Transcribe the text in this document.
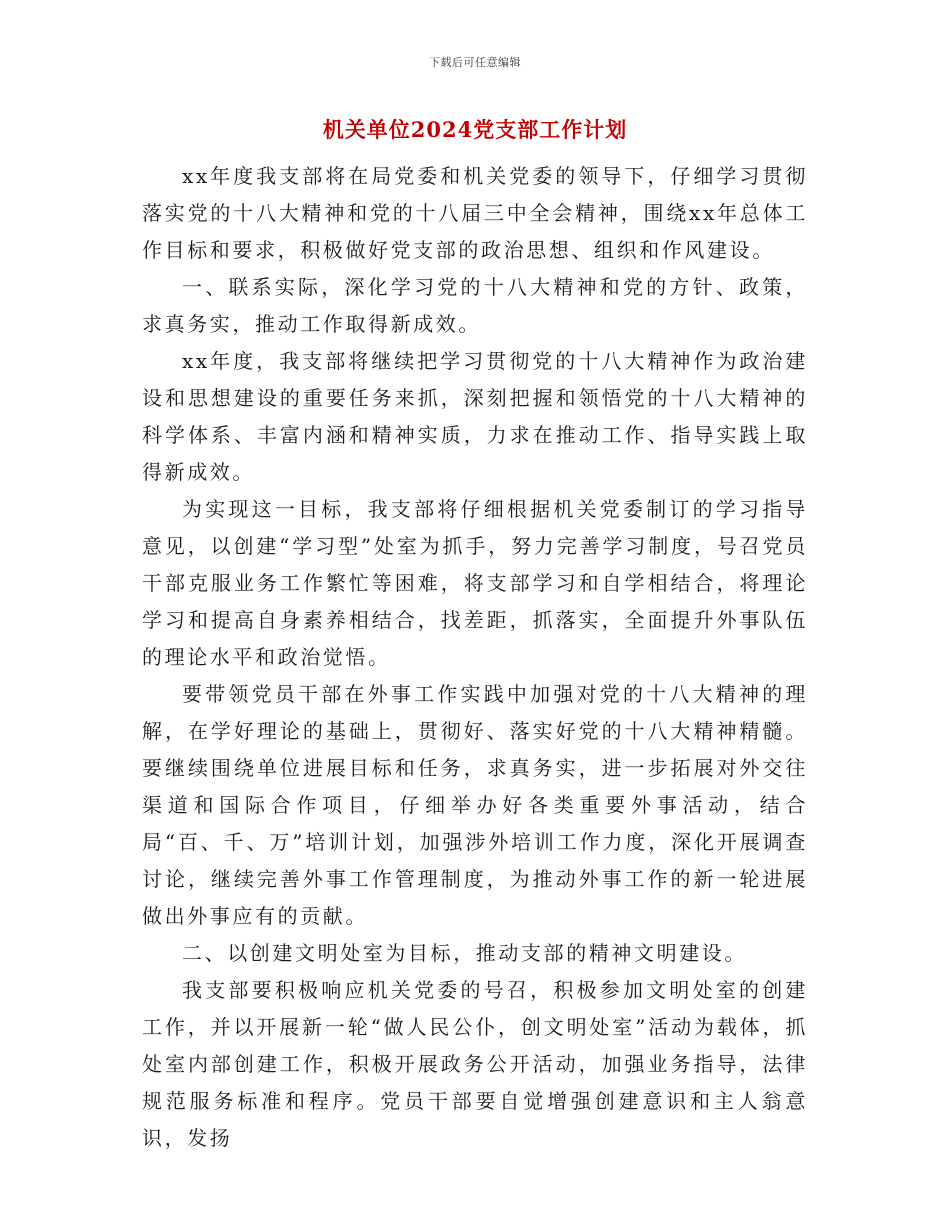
下载后可任意编辑
机关单位2024党支部工作计划

xx年度我支部将在局党委和机关党委的领导下，仔细学习贯彻落实党的十八大精神和党的十八届三中全会精神，围绕xx年总体工作目标和要求，积极做好党支部的政治思想、组织和作风建设。

一、联系实际，深化学习党的十八大精神和党的方针、政策，求真务实，推动工作取得新成效。

xx年度，我支部将继续把学习贯彻党的十八大精神作为政治建设和思想建设的重要任务来抓，深刻把握和领悟党的十八大精神的科学体系、丰富内涵和精神实质，力求在推动工作、指导实践上取得新成效。

为实现这一目标，我支部将仔细根据机关党委制订的学习指导意见，以创建“学习型”处室为抓手，努力完善学习制度，号召党员干部克服业务工作繁忙等困难，将支部学习和自学相结合，将理论学习和提高自身素养相结合，找差距，抓落实，全面提升外事队伍的理论水平和政治觉悟。

要带领党员干部在外事工作实践中加强对党的十八大精神的理解，在学好理论的基础上，贯彻好、落实好党的十八大精神精髓。要继续围绕单位进展目标和任务，求真务实，进一步拓展对外交往渠道和国际合作项目，仔细举办好各类重要外事活动，结合局“百、千、万”培训计划，加强涉外培训工作力度，深化开展调查讨论，继续完善外事工作管理制度，为推动外事工作的新一轮进展做出外事应有的贡献。

二、以创建文明处室为目标，推动支部的精神文明建设。

我支部要积极响应机关党委的号召，积极参加文明处室的创建工作，并以开展新一轮“做人民公仆，创文明处室”活动为载体，抓处室内部创建工作，积极开展政务公开活动，加强业务指导，法律规范服务标准和程序。党员干部要自觉增强创建意识和主人翁意识，发扬
